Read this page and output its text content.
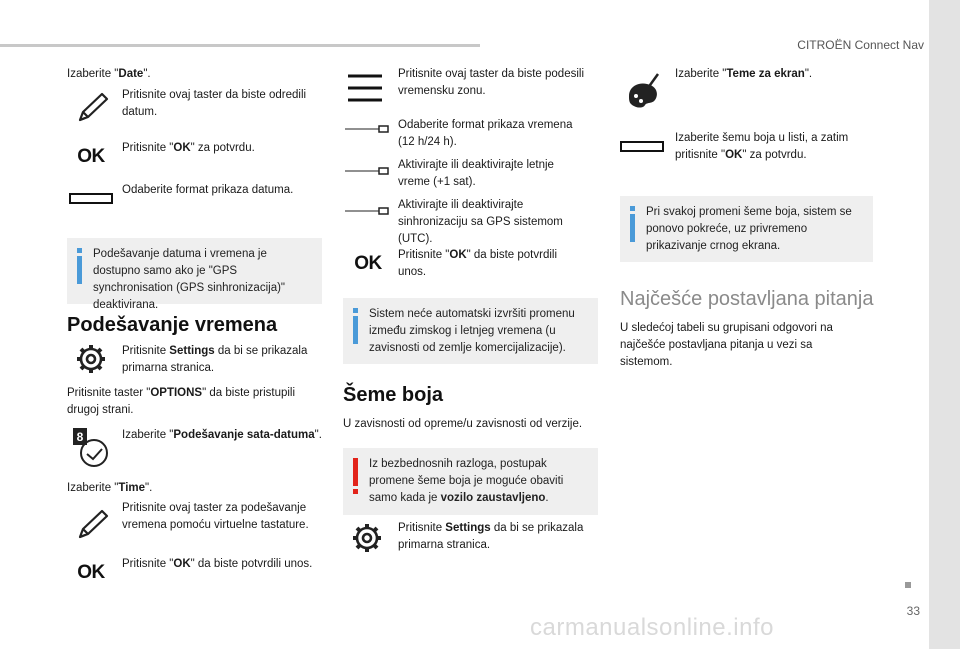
CITROËN Connect Nav
33
carmanualsonline.info
Izaberite "Date".
Pritisnite ovaj taster da biste odredili datum.
OK	Pritisnite "OK" za potvrdu.
Odaberite format prikaza datuma.
Podešavanje datuma i vremena je dostupno samo ako je "GPS synchronisation (GPS sinhronizacija)" deaktivirana.
Podešavanje vremena
Pritisnite Settings da bi se prikazala primarna stranica.
Pritisnite taster "OPTIONS" da biste pristupili drugoj strani.
8	Izaberite "Podešavanje sata-datuma".
Izaberite "Time".
Pritisnite ovaj taster za podešavanje vremena pomoću virtuelne tastature.
OK	Pritisnite "OK" da biste potvrdili unos.
Pritisnite ovaj taster da biste podesili vremensku zonu.
Odaberite format prikaza vremena (12 h/24 h).
Aktivirajte ili deaktivirajte letnje vreme (+1 sat).
Aktivirajte ili deaktivirajte sinhronizaciju sa GPS sistemom (UTC).
OK	Pritisnite "OK" da biste potvrdili unos.
Sistem neće automatski izvršiti promenu između zimskog i letnjeg vremena (u zavisnosti od zemlje komercijalizacije).
Šeme boja
U zavisnosti od opreme/u zavisnosti od verzije.
Iz bezbednosnih razloga, postupak promene šeme boja je moguće obaviti samo kada je vozilo zaustavljeno.
Pritisnite Settings da bi se prikazala primarna stranica.
Izaberite "Teme za ekran".
Izaberite šemu boja u listi, a zatim pritisnite "OK" za potvrdu.
Pri svakoj promeni šeme boja, sistem se ponovo pokreće, uz privremeno prikazivanje crnog ekrana.
Najčešće postavljana pitanja
U sledećoj tabeli su grupisani odgovori na najčešće postavljana pitanja u vezi sa sistemom.
